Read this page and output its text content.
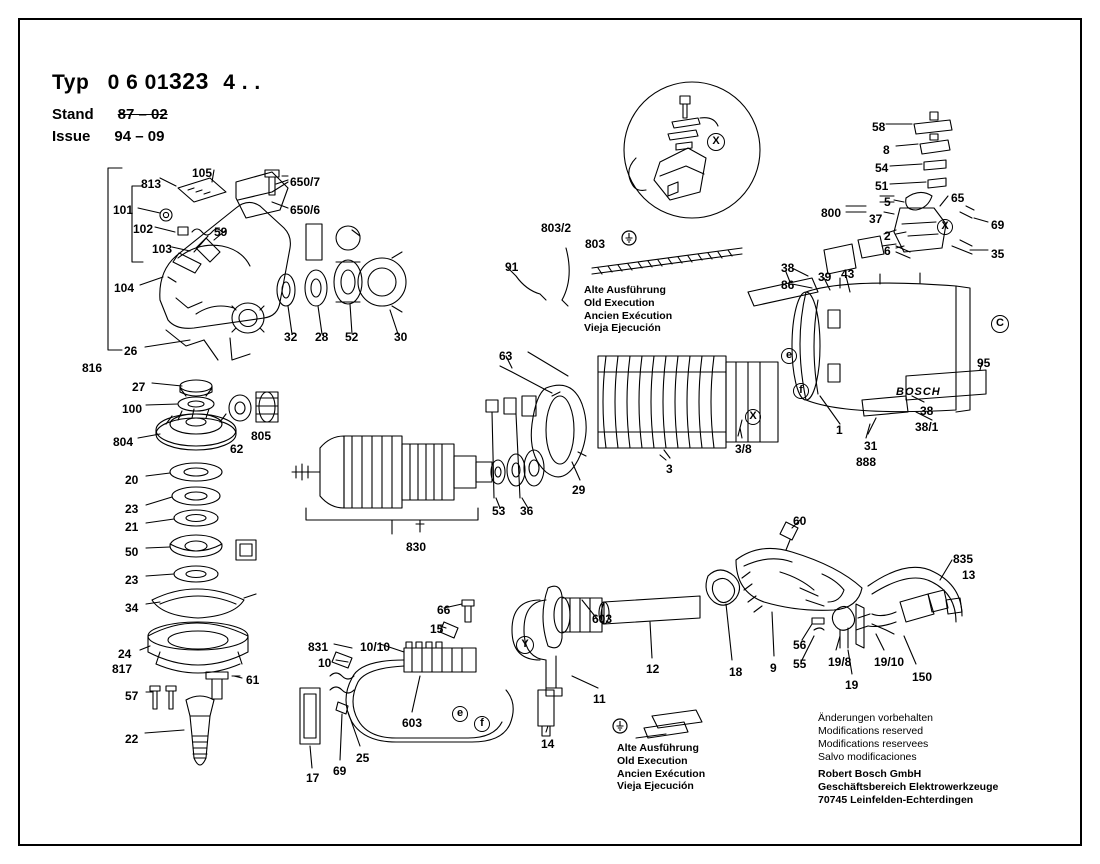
Typ 0 6 01323 4 . .
Stand 87 – 02
Issue 94 – 09
Alte Ausführung
Old Execution
Ancien Exécution
Vieja Ejecución
Alte Ausführung
Old Execution
Ancien Exécution
Vieja Ejecución
Änderungen vorbehalten
Modifications reserved
Modifications reservees
Salvo modificaciones
Robert Bosch GmbH
Geschäftsbereich Elektrowerkzeuge
70745 Leinfelden-Echterdingen
BOSCH
813
105
650/7
650/6
101
102
103
59
104
26
816
32 28 52	30
27
100
804	62
805
20
23
21
50
23
34
24
817
57
61
22
91
803/2
803
63
53 36
29
3
830
3/8
38
86
39 43
58
8
54
51
5	65
800 37
2
69
6	35
1
95
38
38/1
31
888
60
835
13
66
15
603
831	10/10
10	12	18 9
56
55 19/8 19/10
19
150
11
14
603
25
17 69
X
C
e
f
X
X
Y
e
f
